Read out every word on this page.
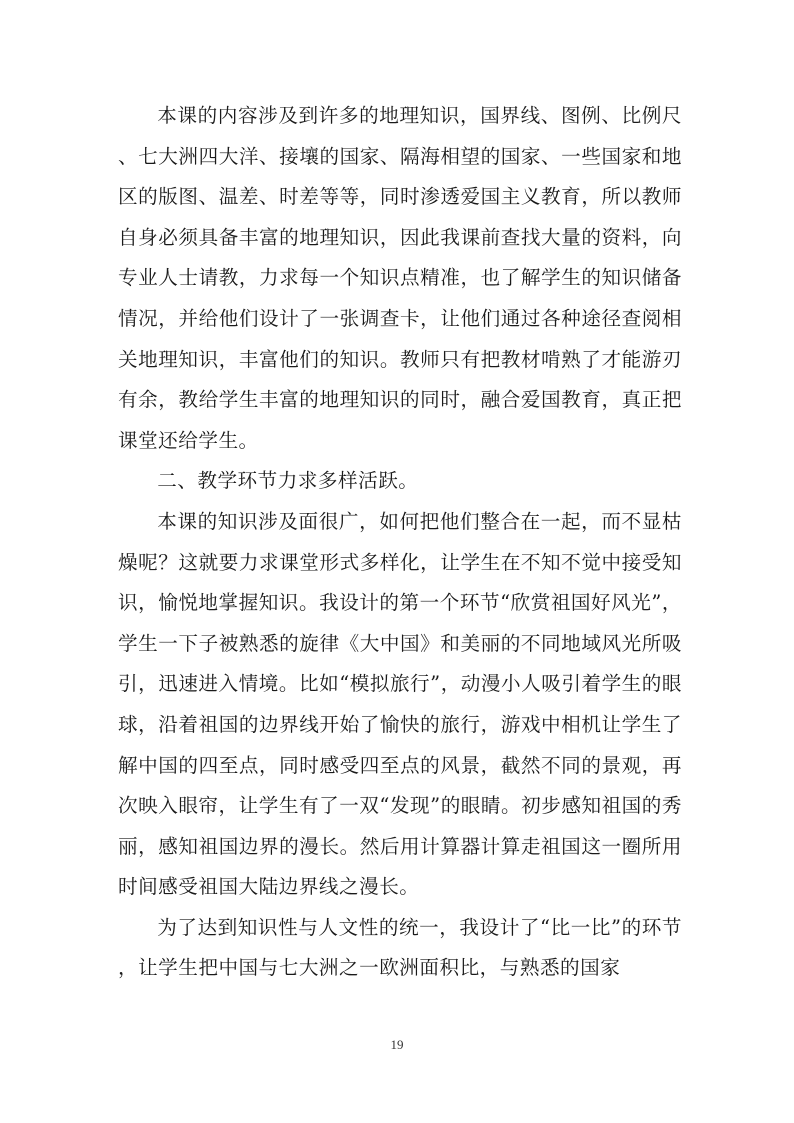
本课的内容涉及到许多的地理知识，国界线、图例、比例尺、七大洲四大洋、接壤的国家、隔海相望的国家、一些国家和地区的版图、温差、时差等等，同时渗透爱国主义教育，所以教师自身必须具备丰富的地理知识，因此我课前查找大量的资料，向专业人士请教，力求每一个知识点精准，也了解学生的知识储备情况，并给他们设计了一张调查卡，让他们通过各种途径查阅相关地理知识，丰富他们的知识。教师只有把教材啃熟了才能游刃有余，教给学生丰富的地理知识的同时，融合爱国教育，真正把课堂还给学生。

二、教学环节力求多样活跃。

本课的知识涉及面很广，如何把他们整合在一起，而不显枯燥呢？这就要力求课堂形式多样化，让学生在不知不觉中接受知识，愉悦地掌握知识。我设计的第一个环节“欣赏祖国好风光”，学生一下子被熟悉的旋律《大中国》和美丽的不同地域风光所吸引，迅速进入情境。比如“模拟旅行”，动漫小人吸引着学生的眼球，沿着祖国的边界线开始了愉快的旅行，游戏中相机让学生了解中国的四至点，同时感受四至点的风景，截然不同的景观，再次映入眼帘，让学生有了一双“发现”的眼睛。初步感知祖国的秀丽，感知祖国边界的漫长。然后用计算器计算走祖国这一圈所用时间感受祖国大陆边界线之漫长。

为了达到知识性与人文性的统一，我设计了“比一比”的环节，让学生把中国与七大洲之一欧洲面积比，与熟悉的国家

19
